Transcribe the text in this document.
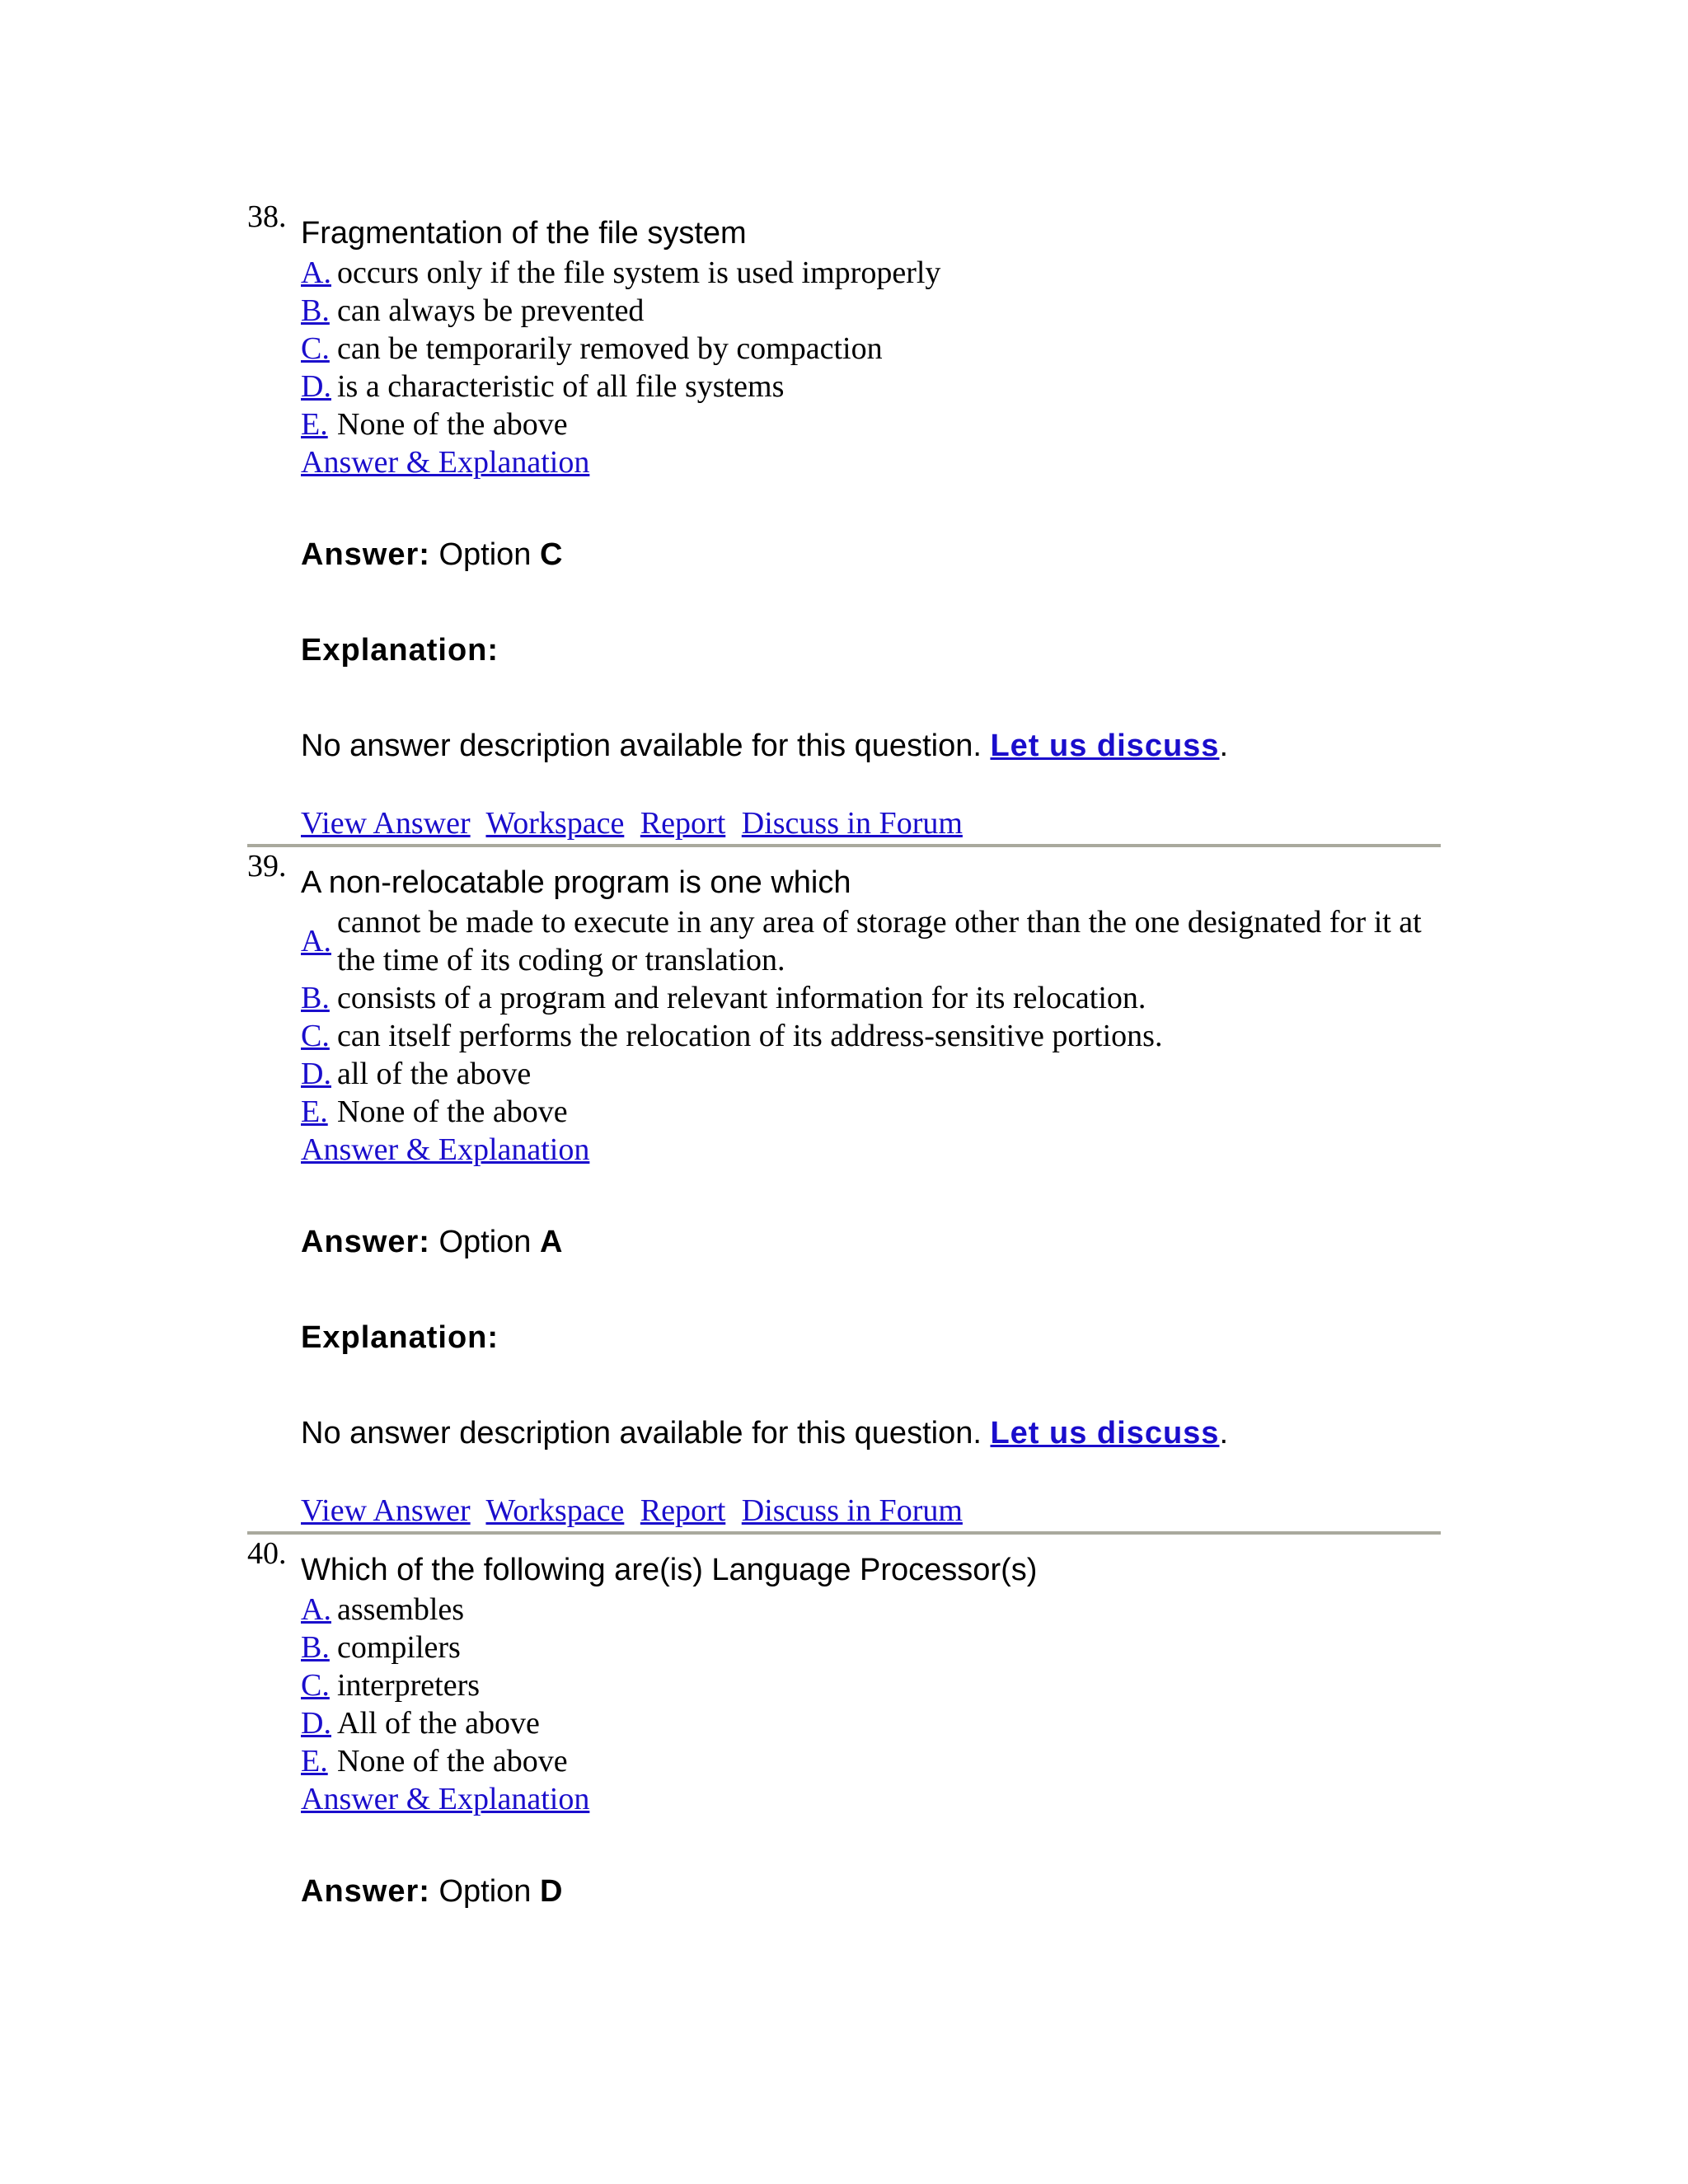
38. Fragmentation of the file system
A. occurs only if the file system is used improperly
B. can always be prevented
C. can be temporarily removed by compaction
D. is a characteristic of all file systems
E. None of the above
Answer & Explanation
Answer: Option C
Explanation:
No answer description available for this question. Let us discuss.
View Answer Workspace Report Discuss in Forum
39. A non-relocatable program is one which
A.
cannot be made to execute in any area of storage other than the one designated for it at the time of its coding or translation.
B. consists of a program and relevant information for its relocation.
C. can itself performs the relocation of its address-sensitive portions.
D. all of the above
E. None of the above
Answer & Explanation
Answer: Option A
Explanation:
No answer description available for this question. Let us discuss.
View Answer Workspace Report Discuss in Forum
40. Which of the following are(is) Language Processor(s)
A. assembles
B. compilers
C. interpreters
D. All of the above
E. None of the above
Answer & Explanation
Answer: Option D
